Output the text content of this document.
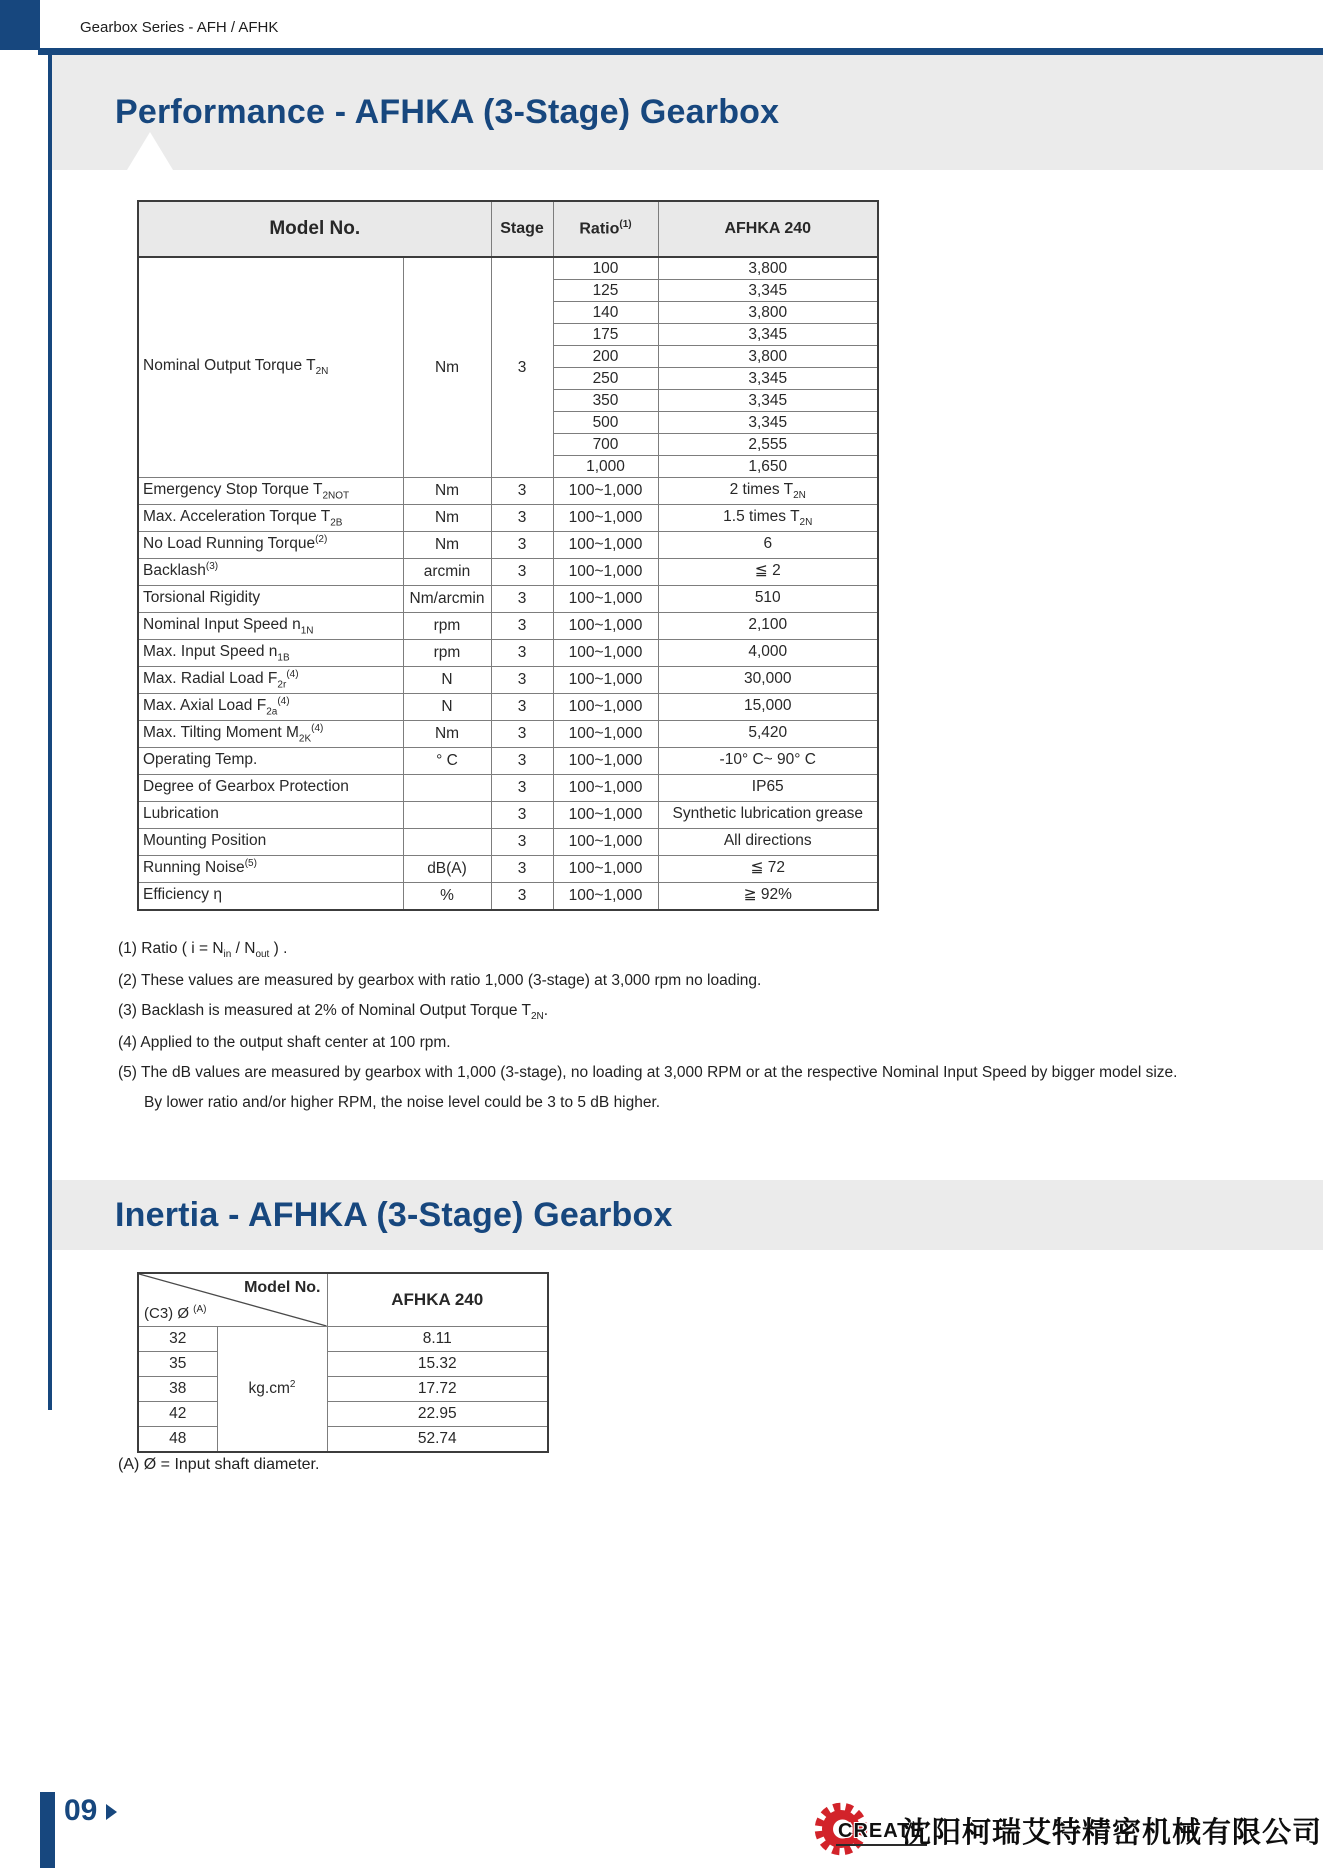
Gearbox Series - AFH / AFHK
Performance - AFHKA (3-Stage) Gearbox
Model No.		Stage	Ratio$^{(1)}$	AFHKA 240
Nominal Output Torque $T_{2N}$	Nm	3	100	3,800
			125	3,345
			140	3,800
			175	3,345
			200	3,800
			250	3,345
			350	3,345
			500	3,345
			700	2,555
			1,000	1,650
Emergency Stop Torque $T_{2NOT}$	Nm	3	100~1,000	2 times $T_{2N}$
Max. Acceleration Torque $T_{2B}$	Nm	3	100~1,000	1.5 times $T_{2N}$
No Load Running Torque$^{(2)}$	Nm	3	100~1,000	6
Backlash$^{(3)}$	arcmin	3	100~1,000	≦ 2
Torsional Rigidity	Nm/arcmin	3	100~1,000	510
Nominal Input Speed $n_{1N}$	rpm	3	100~1,000	2,100
Max. Input Speed $n_{1B}$	rpm	3	100~1,000	4,000
Max. Radial Load $F_{2r}^{(4)}$	N	3	100~1,000	30,000
Max. Axial Load $F_{2a}^{(4)}$	N	3	100~1,000	15,000
Max. Tilting Moment $M_{2K}^{(4)}$	Nm	3	100~1,000	5,420
Operating Temp.	° C	3	100~1,000	-10° C~ 90° C
Degree of Gearbox Protection		3	100~1,000	IP65
Lubrication		3	100~1,000	Synthetic lubrication grease
Mounting Position		3	100~1,000	All directions
Running Noise$^{(5)}$	dB(A)	3	100~1,000	≦ 72
Efficiency η	%	3	100~1,000	≧ 92%

(1) Ratio ( $i = N_{in} / N_{out}$ ) .

(2) These values are measured by gearbox with ratio 1,000 (3-stage) at 3,000 rpm no loading.

(3) Backlash is measured at 2% of Nominal Output Torque $T_{2N}$.

(4) Applied to the output shaft center at 100 rpm.

(5) The dB values are measured by gearbox with 1,000 (3-stage), no loading at 3,000 RPM or at the respective Nominal Input Speed by bigger model size.

By lower ratio and/or higher RPM, the noise level could be 3 to 5 dB higher.

Inertia - AFHKA (3-Stage) Gearbox
Model No.
(C3) Ø $^{(A)}$		AFHKA 240
32	$kg.cm^2$	8.11
35		15.32
38		17.72
42		22.95
48		52.74
(A) Ø = Input shaft diameter.
09
CREATE
沈阳柯瑞艾特精密机械有限公司
